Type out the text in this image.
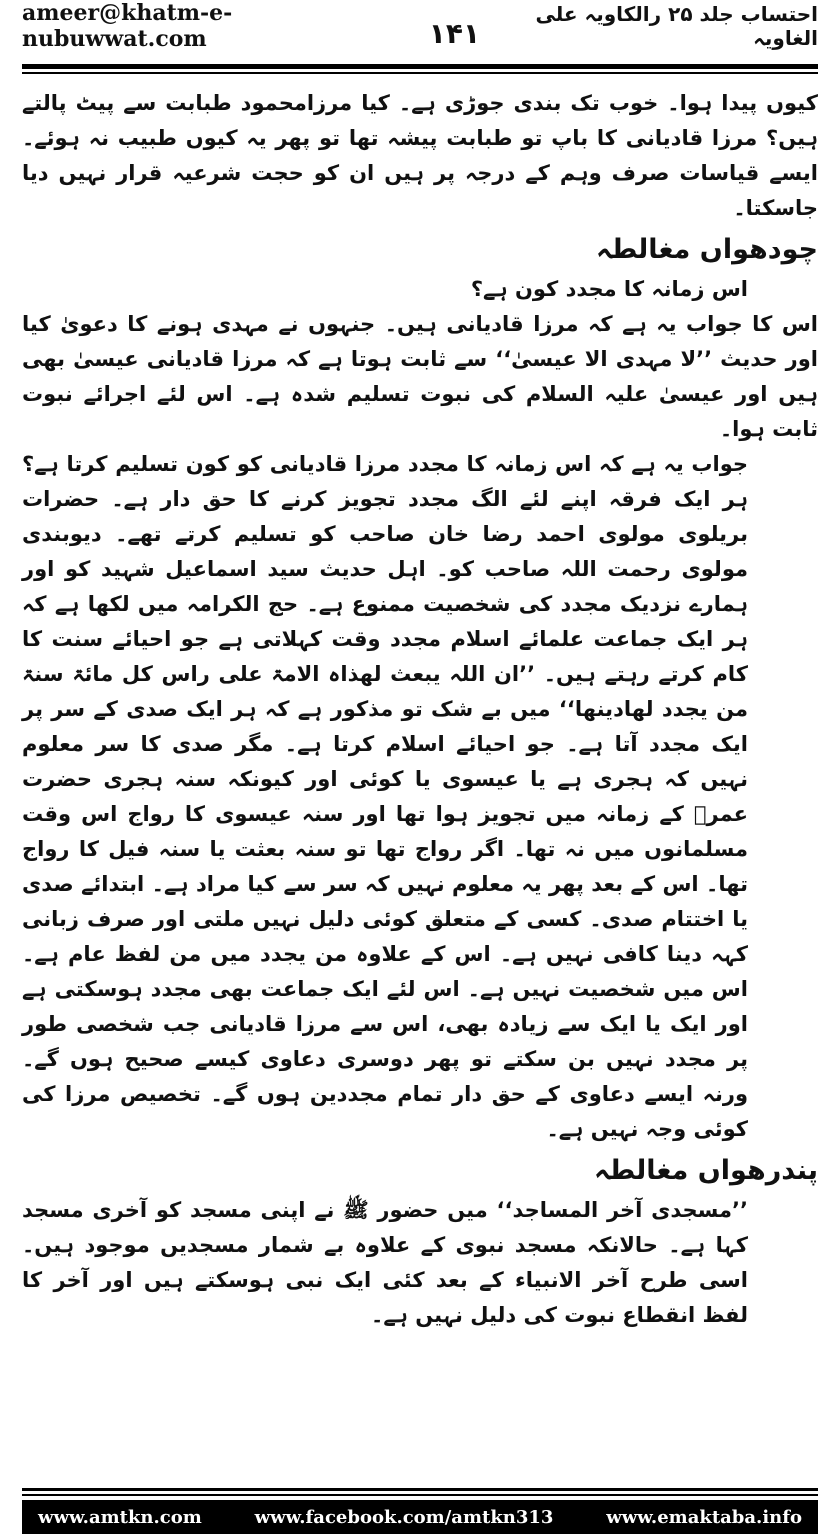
ameer@khatm-e-nubuwwat.com	۱۴۱
احتساب جلد ۲۵ رالکاویہ علی الغاویہ

کیوں پیدا ہوا۔ خوب تک بندی جوڑی ہے۔ کیا مرزامحمود طبابت سے پیٹ پالتے ہیں؟ مرزا قادیانی کا باپ تو طبابت پیشہ تھا تو پھر یہ کیوں طبیب نہ ہوئے۔ ایسے قیاسات صرف وہم کے درجہ پر ہیں ان کو حجت شرعیہ قرار نہیں دیا جاسکتا۔

چودھواں مغالطہ

اس زمانہ کا مجدد کون ہے؟

اس کا جواب یہ ہے کہ مرزا قادیانی ہیں۔ جنہوں نے مہدی ہونے کا دعویٰ کیا اور حدیث ’’لا مہدی الا عیسیٰ‘‘ سے ثابت ہوتا ہے کہ مرزا قادیانی عیسیٰ بھی ہیں اور عیسیٰ علیہ السلام کی نبوت تسلیم شدہ ہے۔ اس لئے اجرائے نبوت ثابت ہوا۔

جواب یہ ہے کہ اس زمانہ کا مجدد مرزا قادیانی کو کون تسلیم کرتا ہے؟ ہر ایک فرقہ اپنے لئے الگ مجدد تجویز کرنے کا حق دار ہے۔ حضرات بریلوی مولوی احمد رضا خان صاحب کو تسلیم کرتے تھے۔ دیوبندی مولوی رحمت اللہ صاحب کو۔ اہل حدیث سید اسماعیل شہید کو اور ہمارے نزدیک مجدد کی شخصیت ممنوع ہے۔ حج الکرامہ میں لکھا ہے کہ ہر ایک جماعت علمائے اسلام مجدد وقت کہلاتی ہے جو احیائے سنت کا کام کرتے رہتے ہیں۔ ’’ان اللہ یبعث لھذاہ الامۃ علی راس کل مائۃ سنۃ من یجدد لھادینھا‘‘ میں بے شک تو مذکور ہے کہ ہر ایک صدی کے سر پر ایک مجدد آتا ہے۔ جو احیائے اسلام کرتا ہے۔ مگر صدی کا سر معلوم نہیں کہ ہجری ہے یا عیسوی یا کوئی اور کیونکہ سنہ ہجری حضرت عمرؓ کے زمانہ میں تجویز ہوا تھا اور سنہ عیسوی کا رواج اس وقت مسلمانوں میں نہ تھا۔ اگر رواج تھا تو سنہ بعثت یا سنہ فیل کا رواج تھا۔ اس کے بعد پھر یہ معلوم نہیں کہ سر سے کیا مراد ہے۔ ابتدائے صدی یا اختتام صدی۔ کسی کے متعلق کوئی دلیل نہیں ملتی اور صرف زبانی کہہ دینا کافی نہیں ہے۔ اس کے علاوہ من یجدد میں من لفظ عام ہے۔ اس میں شخصیت نہیں ہے۔ اس لئے ایک جماعت بھی مجدد ہوسکتی ہے اور ایک یا ایک سے زیادہ بھی، اس سے مرزا قادیانی جب شخصی طور پر مجدد نہیں بن سکتے تو پھر دوسری دعاوی کیسے صحیح ہوں گے۔ ورنہ ایسے دعاوی کے حق دار تمام مجددین ہوں گے۔ تخصیص مرزا کی کوئی وجہ نہیں ہے۔

پندرھواں مغالطہ

’’مسجدی آخر المساجد‘‘ میں حضور ﷺ نے اپنی مسجد کو آخری مسجد کہا ہے۔ حالانکہ مسجد نبوی کے علاوہ بے شمار مسجدیں موجود ہیں۔ اسی طرح آخر الانبیاء کے بعد کئی ایک نبی ہوسکتے ہیں اور آخر کا لفظ انقطاع نبوت کی دلیل نہیں ہے۔

www.amtkn.com	www.facebook.com/amtkn313	www.emaktaba.info
